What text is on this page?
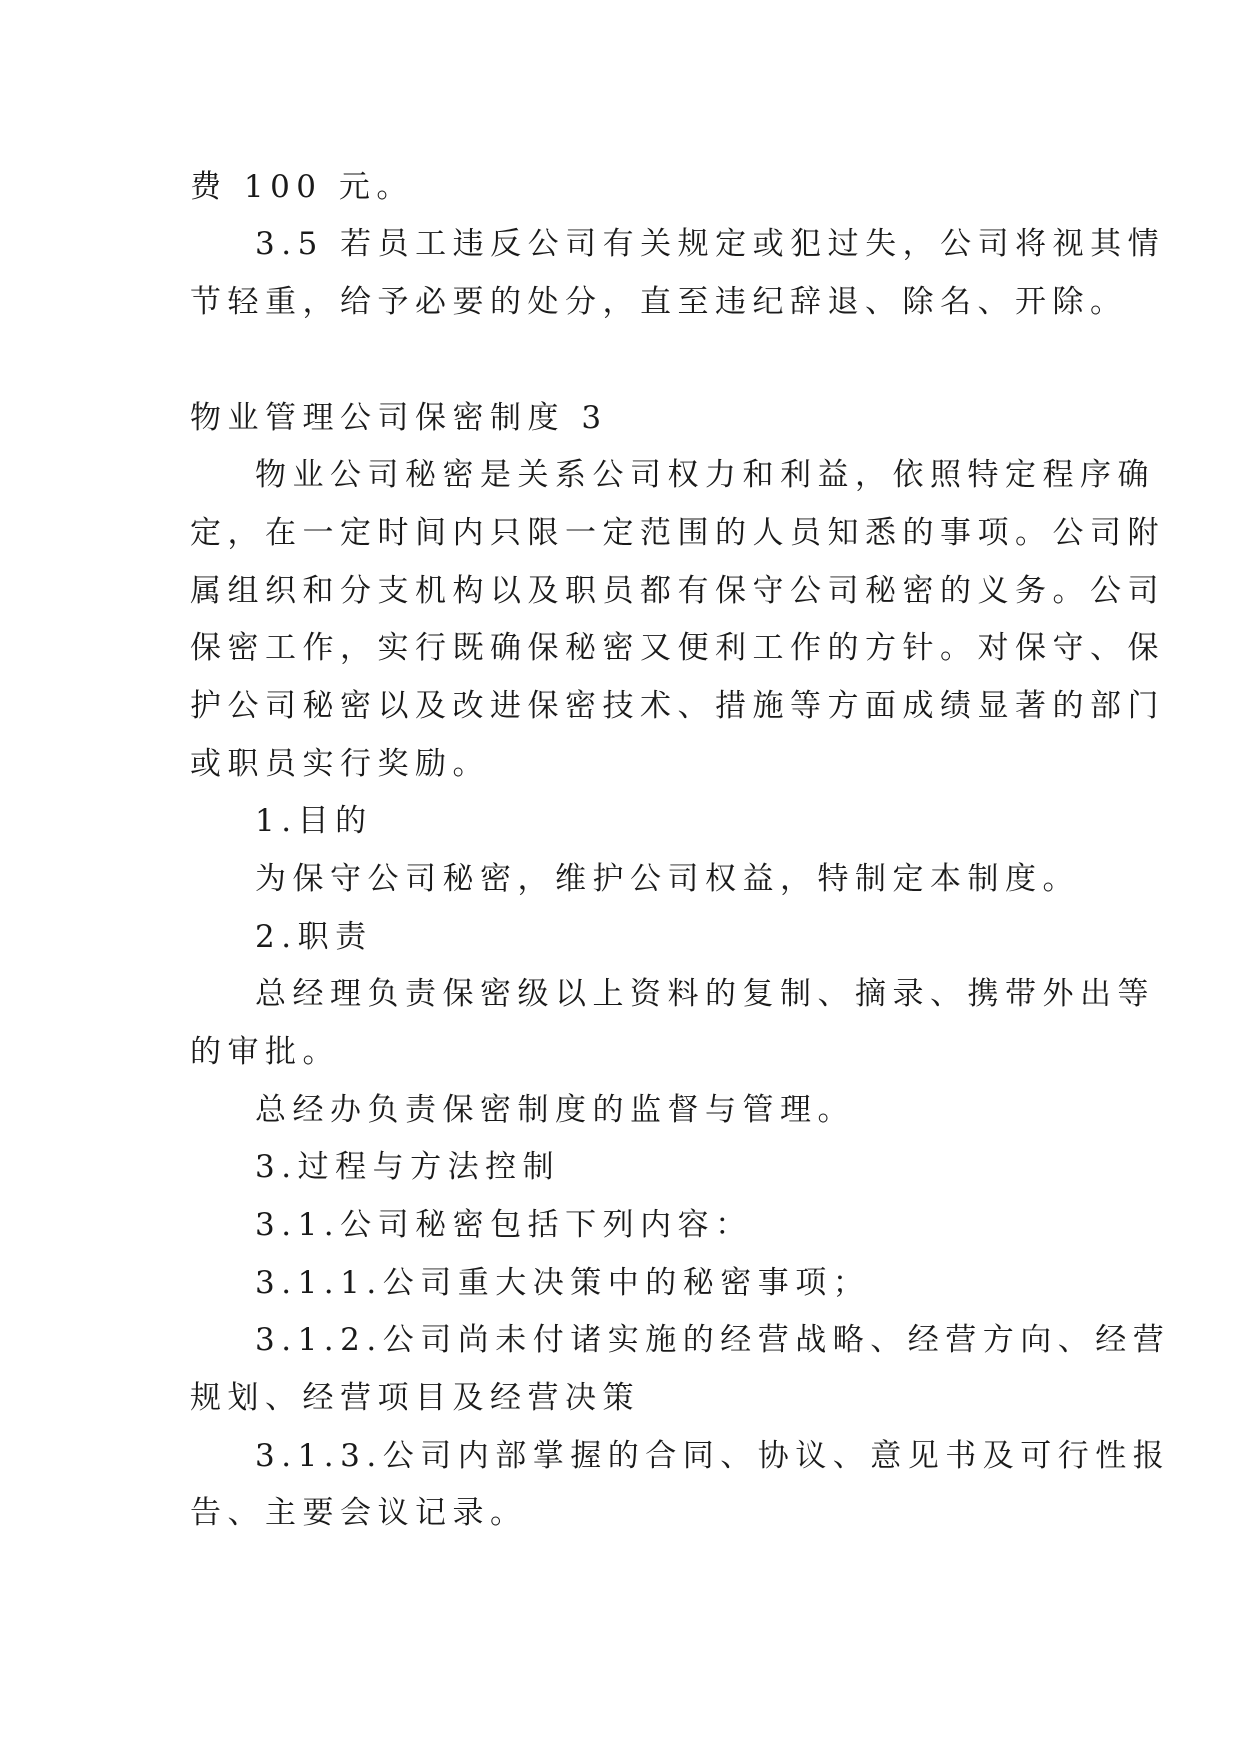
费 100 元。
3.5 若员工违反公司有关规定或犯过失，公司将视其情
节轻重，给予必要的处分，直至违纪辞退、除名、开除。
物业管理公司保密制度 3
物业公司秘密是关系公司权力和利益，依照特定程序确
定，在一定时间内只限一定范围的人员知悉的事项。公司附
属组织和分支机构以及职员都有保守公司秘密的义务。公司
保密工作，实行既确保秘密又便利工作的方针。对保守、保
护公司秘密以及改进保密技术、措施等方面成绩显著的部门
或职员实行奖励。
1.目的
为保守公司秘密，维护公司权益，特制定本制度。
2.职责
总经理负责保密级以上资料的复制、摘录、携带外出等
的审批。
总经办负责保密制度的监督与管理。
3.过程与方法控制
3.1.公司秘密包括下列内容：
3.1.1.公司重大决策中的秘密事项；
3.1.2.公司尚未付诸实施的经营战略、经营方向、经营
规划、经营项目及经营决策
3.1.3.公司内部掌握的合同、协议、意见书及可行性报
告、主要会议记录。
